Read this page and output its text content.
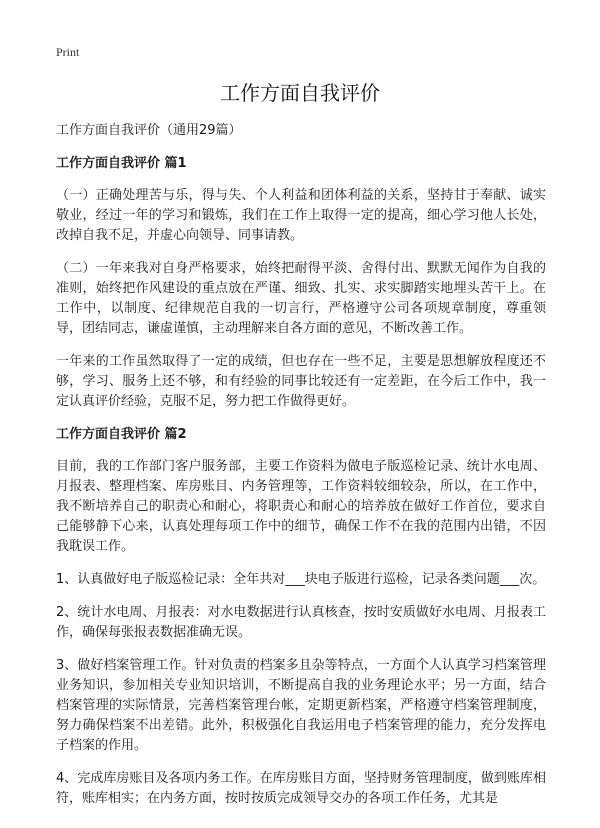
Print
工作方面自我评价
工作方面自我评价（通用29篇）
工作方面自我评价 篇1

（一）正确处理苦与乐，得与失、个人利益和团体利益的关系，坚持甘于奉献、诚实敬业，经过一年的学习和锻炼，我们在工作上取得一定的提高，细心学习他人长处，改掉自我不足，并虚心向领导、同事请教。

（二）一年来我对自身严格要求，始终把耐得平淡、舍得付出、默默无闻作为自我的准则，始终把作风建设的重点放在严谨、细致、扎实、求实脚踏实地埋头苦干上。在工作中，以制度、纪律规范自我的一切言行，严格遵守公司各项规章制度，尊重领导，团结同志，谦虚谨慎，主动理解来自各方面的意见，不断改善工作。

一年来的工作虽然取得了一定的成绩，但也存在一些不足，主要是思想解放程度还不够，学习、服务上还不够，和有经验的同事比较还有一定差距，在今后工作中，我一定认真评价经验，克服不足，努力把工作做得更好。

工作方面自我评价 篇2

目前，我的工作部门客户服务部，主要工作资料为做电子版巡检记录、统计水电周、月报表、整理档案、库房账目、内务管理等，工作资料较细较杂，所以，在工作中，我不断培养自己的职责心和耐心，将职责心和耐心的培养放在做好工作首位，要求自己能够静下心来，认真处理每项工作中的细节，确保工作不在我的范围内出错，不因我耽误工作。

1、认真做好电子版巡检记录：全年共对___块电子版进行巡检，记录各类问题___次。

2、统计水电周、月报表：对水电数据进行认真核查，按时安质做好水电周、月报表工作，确保每张报表数据准确无误。

3、做好档案管理工作。针对负责的档案多且杂等特点，一方面个人认真学习档案管理业务知识，参加相关专业知识培训，不断提高自我的业务理论水平；另一方面，结合档案管理的实际情景，完善档案管理台帐，定期更新档案，严格遵守档案管理制度，努力确保档案不出差错。此外，积极强化自我运用电子档案管理的能力，充分发挥电子档案的作用。

4、完成库房账目及各项内务工作。在库房账目方面，坚持财务管理制度，做到账库相符，账库相实；在内务方面，按时按质完成领导交办的各项工作任务，尤其是
